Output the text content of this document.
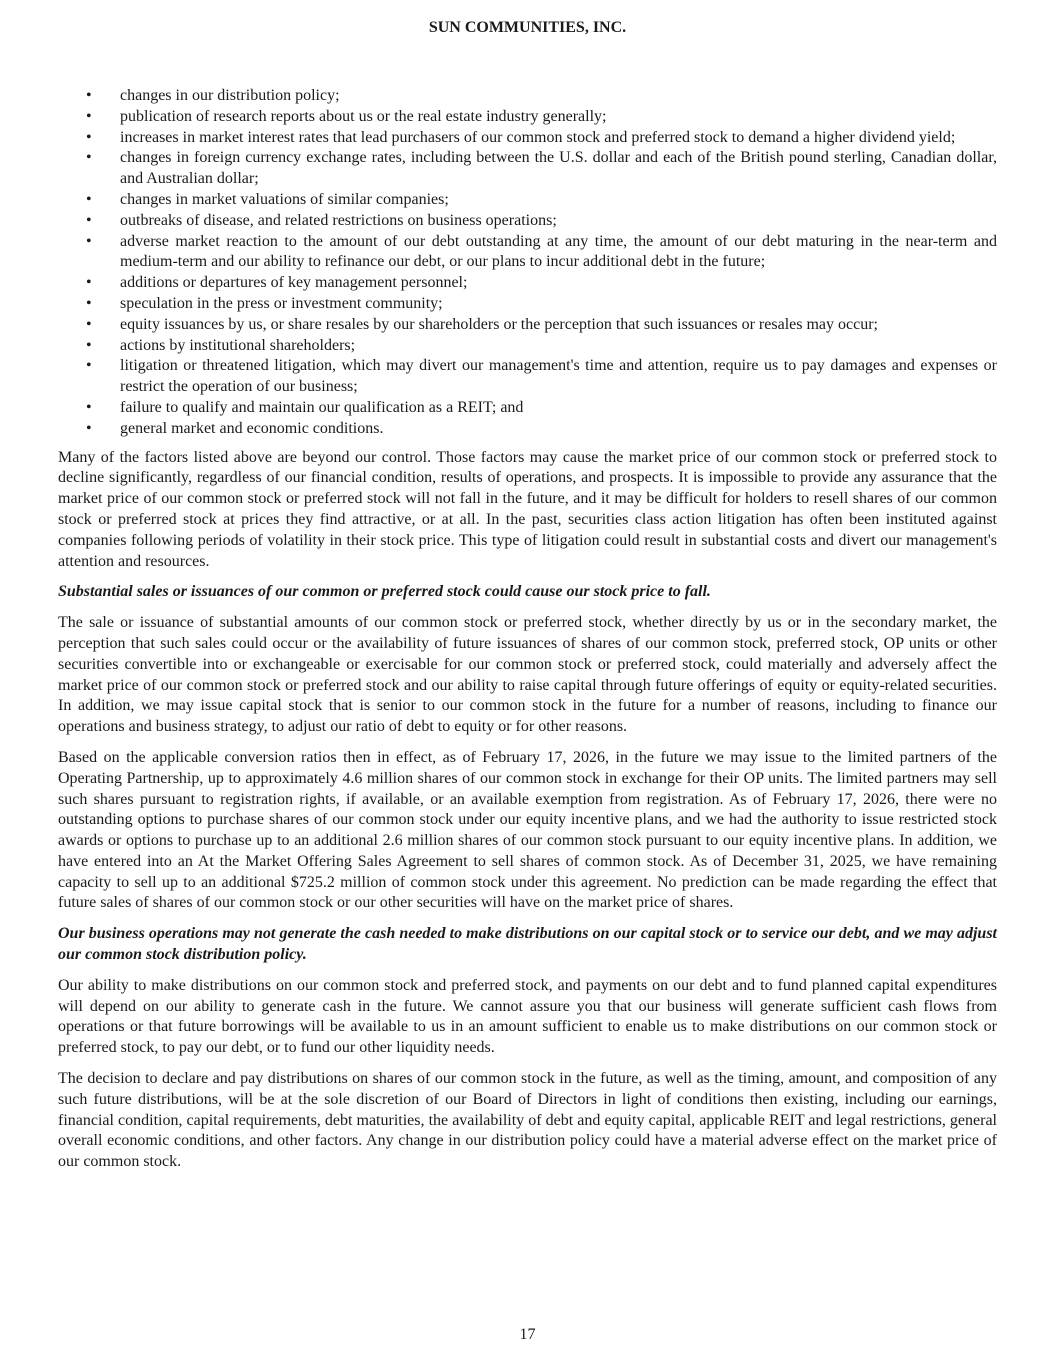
SUN COMMUNITIES, INC.
• changes in our distribution policy;
• publication of research reports about us or the real estate industry generally;
• increases in market interest rates that lead purchasers of our common stock and preferred stock to demand a higher dividend yield;
• changes in foreign currency exchange rates, including between the U.S. dollar and each of the British pound sterling, Canadian dollar, and Australian dollar;
• changes in market valuations of similar companies;
• outbreaks of disease, and related restrictions on business operations;
• adverse market reaction to the amount of our debt outstanding at any time, the amount of our debt maturing in the near-term and medium-term and our ability to refinance our debt, or our plans to incur additional debt in the future;
• additions or departures of key management personnel;
• speculation in the press or investment community;
• equity issuances by us, or share resales by our shareholders or the perception that such issuances or resales may occur;
• actions by institutional shareholders;
• litigation or threatened litigation, which may divert our management's time and attention, require us to pay damages and expenses or restrict the operation of our business;
• failure to qualify and maintain our qualification as a REIT; and
• general market and economic conditions.

Many of the factors listed above are beyond our control. Those factors may cause the market price of our common stock or preferred stock to decline significantly, regardless of our financial condition, results of operations, and prospects. It is impossible to provide any assurance that the market price of our common stock or preferred stock will not fall in the future, and it may be difficult for holders to resell shares of our common stock or preferred stock at prices they find attractive, or at all. In the past, securities class action litigation has often been instituted against companies following periods of volatility in their stock price. This type of litigation could result in substantial costs and divert our management's attention and resources.

Substantial sales or issuances of our common or preferred stock could cause our stock price to fall.

The sale or issuance of substantial amounts of our common stock or preferred stock, whether directly by us or in the secondary market, the perception that such sales could occur or the availability of future issuances of shares of our common stock, preferred stock, OP units or other securities convertible into or exchangeable or exercisable for our common stock or preferred stock, could materially and adversely affect the market price of our common stock or preferred stock and our ability to raise capital through future offerings of equity or equity-related securities. In addition, we may issue capital stock that is senior to our common stock in the future for a number of reasons, including to finance our operations and business strategy, to adjust our ratio of debt to equity or for other reasons.

Based on the applicable conversion ratios then in effect, as of February 17, 2026, in the future we may issue to the limited partners of the Operating Partnership, up to approximately 4.6 million shares of our common stock in exchange for their OP units. The limited partners may sell such shares pursuant to registration rights, if available, or an available exemption from registration. As of February 17, 2026, there were no outstanding options to purchase shares of our common stock under our equity incentive plans, and we had the authority to issue restricted stock awards or options to purchase up to an additional 2.6 million shares of our common stock pursuant to our equity incentive plans. In addition, we have entered into an At the Market Offering Sales Agreement to sell shares of common stock. As of December 31, 2025, we have remaining capacity to sell up to an additional $725.2 million of common stock under this agreement. No prediction can be made regarding the effect that future sales of shares of our common stock or our other securities will have on the market price of shares.

Our business operations may not generate the cash needed to make distributions on our capital stock or to service our debt, and we may adjust our common stock distribution policy.

Our ability to make distributions on our common stock and preferred stock, and payments on our debt and to fund planned capital expenditures will depend on our ability to generate cash in the future. We cannot assure you that our business will generate sufficient cash flows from operations or that future borrowings will be available to us in an amount sufficient to enable us to make distributions on our common stock or preferred stock, to pay our debt, or to fund our other liquidity needs.

The decision to declare and pay distributions on shares of our common stock in the future, as well as the timing, amount, and composition of any such future distributions, will be at the sole discretion of our Board of Directors in light of conditions then existing, including our earnings, financial condition, capital requirements, debt maturities, the availability of debt and equity capital, applicable REIT and legal restrictions, general overall economic conditions, and other factors. Any change in our distribution policy could have a material adverse effect on the market price of our common stock.

17
